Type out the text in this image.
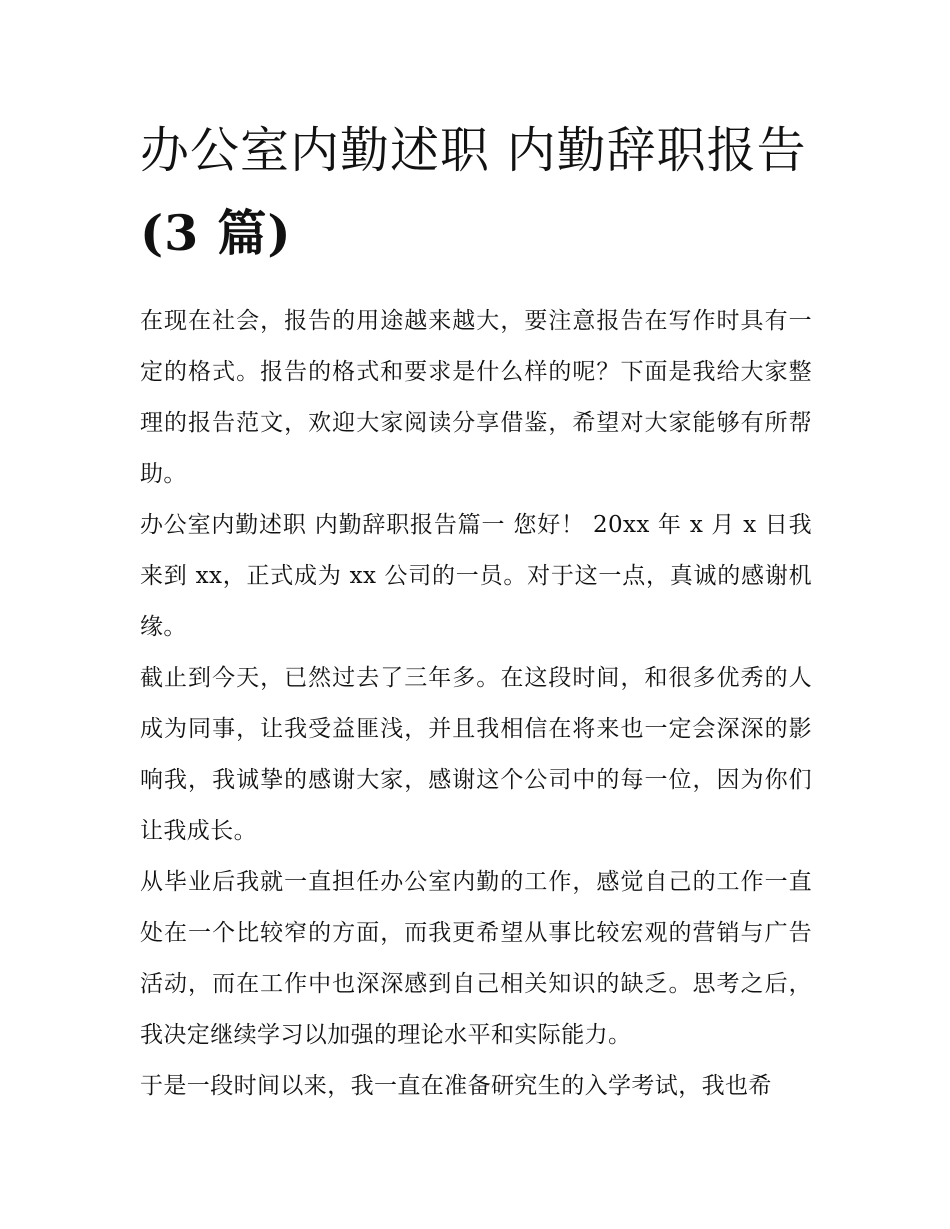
办公室内勤述职 内勤辞职报告
(3 篇)

在现在社会，报告的用途越来越大，要注意报告在写作时具有一定的格式。报告的格式和要求是什么样的呢？下面是我给大家整理的报告范文，欢迎大家阅读分享借鉴，希望对大家能够有所帮助。

办公室内勤述职 内勤辞职报告篇一 您好！ 20xx 年 x 月 x 日我来到 xx，正式成为 xx 公司的一员。对于这一点，真诚的感谢机缘。

截止到今天，已然过去了三年多。在这段时间，和很多优秀的人成为同事，让我受益匪浅，并且我相信在将来也一定会深深的影响我，我诚挚的感谢大家，感谢这个公司中的每一位，因为你们让我成长。

从毕业后我就一直担任办公室内勤的工作，感觉自己的工作一直处在一个比较窄的方面，而我更希望从事比较宏观的营销与广告活动，而在工作中也深深感到自己相关知识的缺乏。思考之后，我决定继续学习以加强的理论水平和实际能力。

于是一段时间以来，我一直在准备研究生的入学考试，我也希
